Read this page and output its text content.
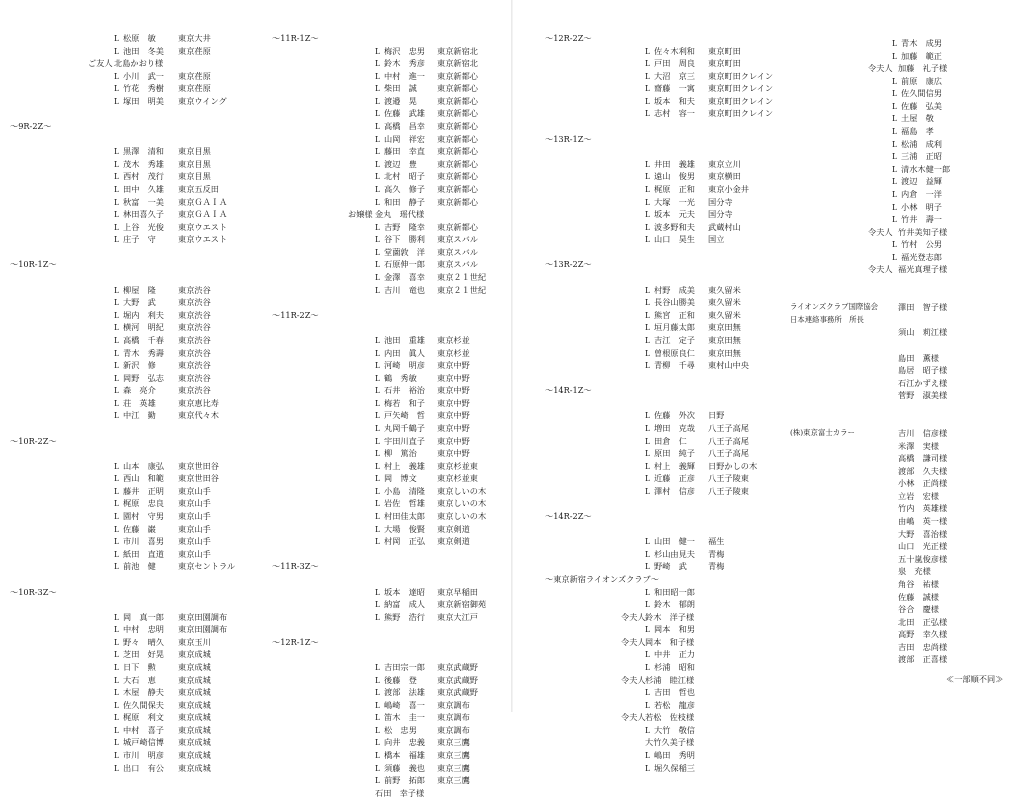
L 松原　敏	東京大井
L 池田　冬美	東京荏原
ご友人 北島かおり様
L 小川　武一	東京荏原
L 竹花　秀樹	東京荏原
L 塚田　明美	東京ウイング
～9R-2Z～
L 黒澤　清和	東京目黒
L 茂木　秀雄	東京目黒
L 西村　茂行	東京目黒
L 田中　久雄	東京五反田
L 秋富　一美	東京ＧＡＩＡ
L 林田喜久子	東京ＧＡＩＡ
L 上谷　光俊	東京ウエスト
L 庄子　守	東京ウエスト
～10R-1Z～
L 柳屋　隆	東京渋谷
L 大野　武	東京渋谷
L 堀内　利夫	東京渋谷
L 横河　明紀	東京渋谷
L 高橋　千春	東京渋谷
L 青木　秀壽	東京渋谷
L 新沢　修	東京渋谷
L 岡野　弘志	東京渋谷
L 森　亮介	東京渋谷
L 荘　英雄	東京恵比寿
L 中江　勤	東京代々木
～10R-2Z～
L 山本　康弘	東京世田谷
L 西山　和範	東京世田谷
L 藤井　正明	東京山手
L 梶原　忠良	東京山手
L 園村　守男	東京山手
L 佐藤　巌	東京山手
L 市川　喜男	東京山手
L 紙田　直道	東京山手
L 前池　健	東京セントラル
～10R-3Z～
L 岡　真一郎	東京田園調布
L 中村　忠明	東京田園調布
L 野々　晴久	東京玉川
L 芝田　好晃	東京成城
L 日下　勲	東京成城
L 大石　恵	東京成城
L 木屋　静夫	東京成城
L 佐久間保夫	東京成城
L 梶原　利文	東京成城
L 中村　喜子	東京成城
L 城戸崎信博	東京成城
L 市川　明彦	東京成城
L 出口　有公	東京成城
～11R-1Z～
L 梅沢　忠男	東京新宿北
L 鈴木　秀彦	東京新宿北
L 中村　進一	東京新都心
L 柴田　誠	東京新都心
L 渡邉　晃	東京新都心
L 佐藤　武雄	東京新都心
L 高橋　昌幸	東京新都心
L 山岡　祥宏	東京新都心
L 藤田　幸直	東京新都心
L 渡辺　豊	東京新都心
L 北村　昭子	東京新都心
L 高久　修子	東京新都心
L 和田　静子	東京新都心
お嬢様 金丸　瑶代様
L 吉野　隆幸	東京新都心
L 谷下　勝利	東京スバル
L 堂薗敦　洋	東京スバル
L 石原伸一郎	東京スバル
L 金澤　喜幸	東京２１世紀
L 吉川　竜也	東京２１世紀
～11R-2Z～
L 池田　重雄	東京杉並
L 内田　眞人	東京杉並
L 河崎　明彦	東京中野
L 鶴　秀敏	東京中野
L 石井　裕治	東京中野
L 梅若　和子	東京中野
L 戸矢崎　哲	東京中野
L 丸岡千鶴子	東京中野
L 宇田川直子	東京中野
L 柳　篤治	東京中野
L 村上　義雄	東京杉並東
L 岡　博文	東京杉並東
L 小島　清隆	東京しいの木
L 岩佐　哲雄	東京しいの木
L 村田佳太郎	東京しいの木
L 大場　俊賢	東京剣道
L 村岡　正弘	東京剣道
～11R-3Z～
L 坂本　達昭	東京早稲田
L 納富　成人	東京新宿御苑
L 熊野　浩行	東京大江戸
～12R-1Z～
L 吉田宗一郎	東京武蔵野
L 後藤　登	東京武蔵野
L 渡部　法雄	東京武蔵野
L 嶋崎　喜一	東京調布
L 笛木　圭一	東京調布
L 松　忠男	東京調布
L 向井　忠義	東京三鷹
L 橋本　福雄	東京三鷹
L 須藤　義也	東京三鷹
L 前野　拓郎	東京三鷹
石田　幸子様
～12R-2Z～
L 佐々木利和	東京町田
L 戸田　周良	東京町田
L 大沼　京三	東京町田クレイン
L 齋藤　一寓	東京町田クレイン
L 坂本　和夫	東京町田クレイン
L 志村　容一	東京町田クレイン
～13R-1Z～
L 井田　義雄	東京立川
L 遠山　俊男	東京横田
L 梶原　正和	東京小金井
L 大塚　一光	国分寺
L 坂本　元夫	国分寺
L 波多野和夫	武蔵村山
L 山口　昊生	国立
～13R-2Z～
L 村野　成美	東久留米
L 長谷山勝美	東久留米
L 熊宮　正和	東久留米
L 垣月藤太郎	東京田無
L 吉江　定子	東京田無
L 曽根原良仁	東京田無
L 青柳　千尋	東村山中央
～14R-1Z～
L 佐藤　外次	日野
L 増田　克哉	八王子高尾
L 田倉　仁	八王子高尾
L 原田　純子	八王子高尾
L 村上　義輝	日野かしの木
L 近藤　正彦	八王子陵東
L 澤村　信彦	八王子陵東
～14R-2Z～
L 山田　健一	福生
L 杉山由見夫	青梅
L 野崎　武	青梅
～東京新宿ライオンズクラブ～
L 和田昭一郎
L 鈴木　郁朗
令夫人 鈴木　洋子様
L 岡本　和男
令夫人 岡本　和子様
L 中井　正力
L 杉浦　昭和
令夫人 杉浦　睦江様
L 吉田　哲也
L 若松　龍彦
令夫人 若松　佐枝様
L 大竹　敬信
大竹久美子様
L 嶋田　秀明
L 堀久保稲三
L 青木　成男
L 加藤　範正
令夫人 加藤　礼子様
L 前原　康広
L 佐久間信男
L 佐藤　弘美
L 土屋　敬
L 福島　孝
L 松浦　成利
L 三浦　正昭
L 清水木健一郎
L 渡辺　益輝
L 内倉　一洋
L 小林　明子
L 竹井　壽一
令夫人 竹井美知子様
L 竹村　公男
L 福光登志郎
令夫人 福光真理子様
ライオンズクラブ国際協会 澤田　智子様
日本連絡事務所　所長
須山　莉江様
島田　薫様
島居　昭子様
石江かずえ様
菅野　淑美様
(株)東京富士カラー	吉川　信彦様
米澤　実様
高橋　謙司様
渡部　久夫様
小林　正尚様
立岩　宏様
竹内　英雄様
由嶋　英一様
大野　喜治様
山口　光正様
五十嵐俊彦様
泉　充様
角谷　祐様
佐藤　誠様
谷合　慶様
北田　正弘様
高野　幸久様
吉田　忠尚様
渡部　正喜様
≪一部順不同≫
